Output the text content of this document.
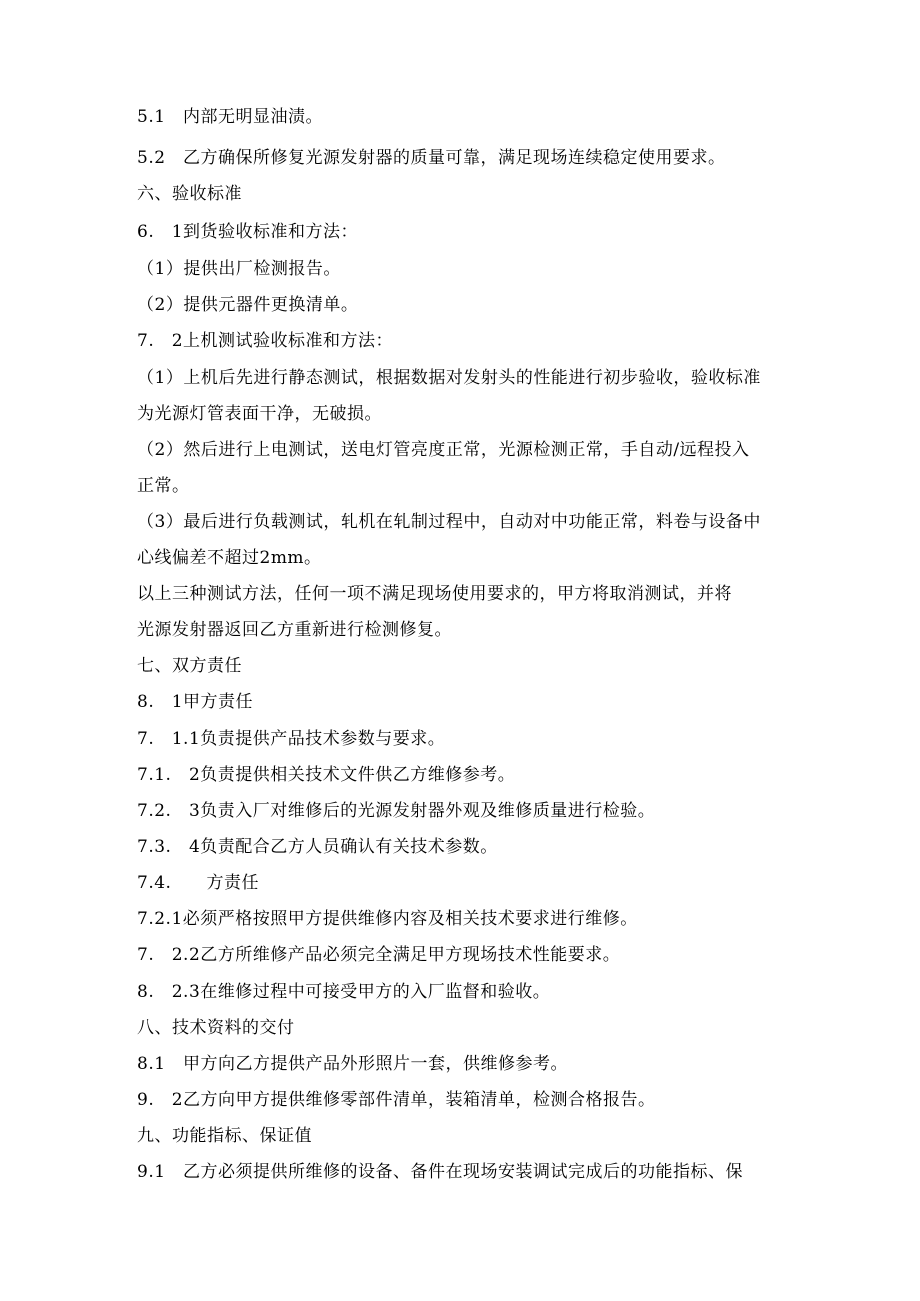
5.1　内部无明显油渍。
5.2　乙方确保所修复光源发射器的质量可靠，满足现场连续稳定使用要求。
六、验收标准
6.　1到货验收标准和方法：
（1）提供出厂检测报告。
（2）提供元器件更换清单。
7.　2上机测试验收标准和方法：
（1）上机后先进行静态测试，根据数据对发射头的性能进行初步验收，验收标准
为光源灯管表面干净，无破损。
（2）然后进行上电测试，送电灯管亮度正常，光源检测正常，手自动/远程投入
正常。
（3）最后进行负载测试，轧机在轧制过程中，自动对中功能正常，料卷与设备中
心线偏差不超过2mm。
以上三种测试方法，任何一项不满足现场使用要求的，甲方将取消测试，并将
光源发射器返回乙方重新进行检测修复。
七、双方责任
8.　1甲方责任
7.　1.1负责提供产品技术参数与要求。
7.1.　2负责提供相关技术文件供乙方维修参考。
7.2.　3负责入厂对维修后的光源发射器外观及维修质量进行检验。
7.3.　4负责配合乙方人员确认有关技术参数。
7.4.　　方责任
7.2.1必须严格按照甲方提供维修内容及相关技术要求进行维修。
7.　2.2乙方所维修产品必须完全满足甲方现场技术性能要求。
8.　2.3在维修过程中可接受甲方的入厂监督和验收。
八、技术资料的交付
8.1　甲方向乙方提供产品外形照片一套，供维修参考。
9.　2乙方向甲方提供维修零部件清单，装箱清单，检测合格报告。
九、功能指标、保证值
9.1　乙方必须提供所维修的设备、备件在现场安装调试完成后的功能指标、保
